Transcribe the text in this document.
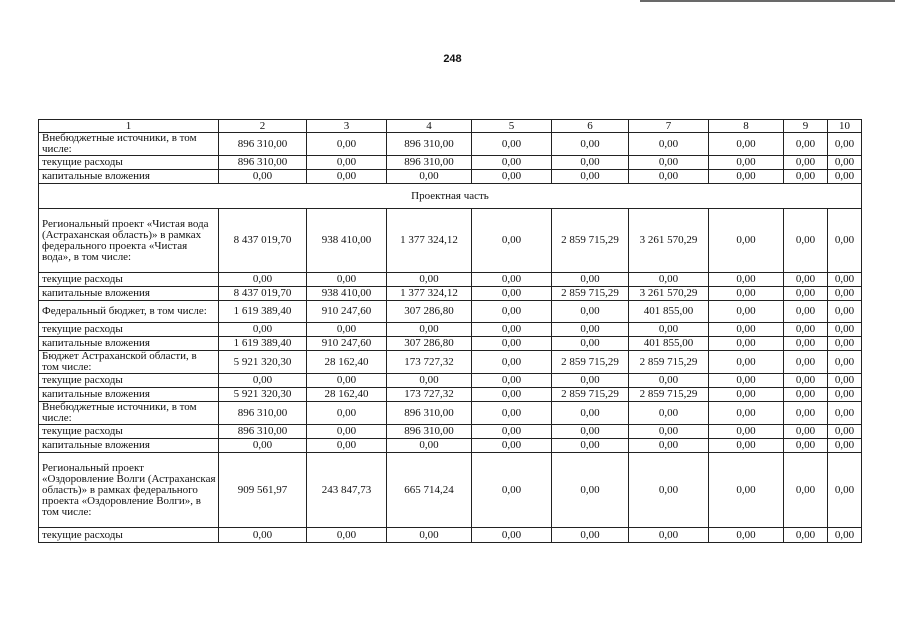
248
1	2	3	4	5	6	7	8	9	10
Внебюджетные источники, в том числе:	896 310,00	0,00	896 310,00	0,00	0,00	0,00	0,00	0,00	0,00
текущие расходы	896 310,00	0,00	896 310,00	0,00	0,00	0,00	0,00	0,00	0,00
капитальные вложения	0,00	0,00	0,00	0,00	0,00	0,00	0,00	0,00	0,00
Проектная часть									
Региональный проект «Чистая вода (Астраханская область)» в рамках федерального проекта «Чистая вода», в том числе:	8 437 019,70	938 410,00	1 377 324,12	0,00	2 859 715,29	3 261 570,29	0,00	0,00	0,00
текущие расходы	0,00	0,00	0,00	0,00	0,00	0,00	0,00	0,00	0,00
капитальные вложения	8 437 019,70	938 410,00	1 377 324,12	0,00	2 859 715,29	3 261 570,29	0,00	0,00	0,00
Федеральный бюджет, в том числе:	1 619 389,40	910 247,60	307 286,80	0,00	0,00	401 855,00	0,00	0,00	0,00
текущие расходы	0,00	0,00	0,00	0,00	0,00	0,00	0,00	0,00	0,00
капитальные вложения	1 619 389,40	910 247,60	307 286,80	0,00	0,00	401 855,00	0,00	0,00	0,00
Бюджет Астраханской области, в том числе:	5 921 320,30	28 162,40	173 727,32	0,00	2 859 715,29	2 859 715,29	0,00	0,00	0,00
текущие расходы	0,00	0,00	0,00	0,00	0,00	0,00	0,00	0,00	0,00
капитальные вложения	5 921 320,30	28 162,40	173 727,32	0,00	2 859 715,29	2 859 715,29	0,00	0,00	0,00
Внебюджетные источники, в том числе:	896 310,00	0,00	896 310,00	0,00	0,00	0,00	0,00	0,00	0,00
текущие расходы	896 310,00	0,00	896 310,00	0,00	0,00	0,00	0,00	0,00	0,00
капитальные вложения	0,00	0,00	0,00	0,00	0,00	0,00	0,00	0,00	0,00
Региональный проект «Оздоровление Волги (Астраханская область)» в рамках федерального проекта «Оздоровление Волги», в том числе:	909 561,97	243 847,73	665 714,24	0,00	0,00	0,00	0,00	0,00	0,00
текущие расходы	0,00	0,00	0,00	0,00	0,00	0,00	0,00	0,00	0,00
